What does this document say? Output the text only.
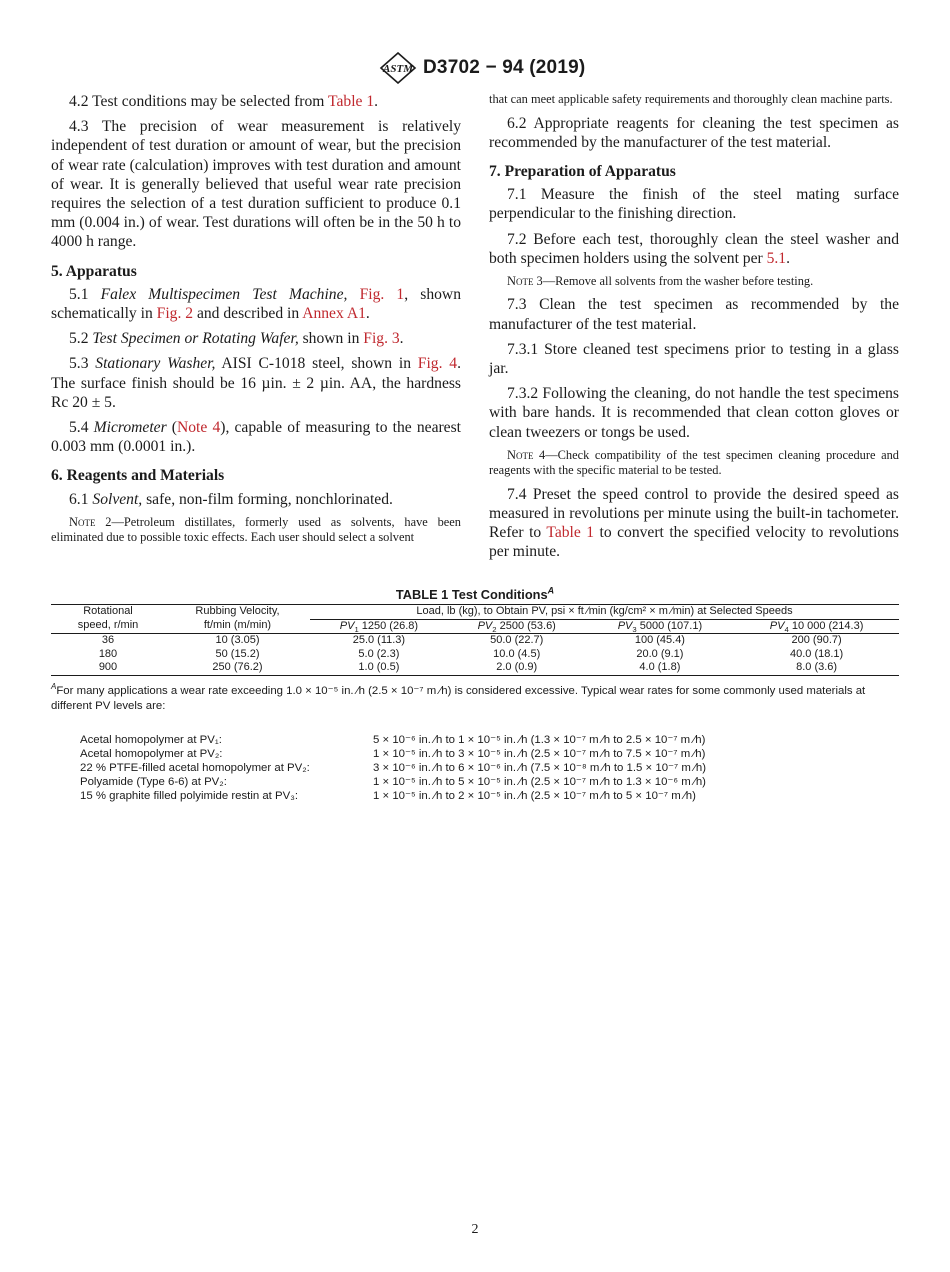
ASTM D3702 − 94 (2019)

4.2 Test conditions may be selected from Table 1.

4.3 The precision of wear measurement is relatively independent of test duration or amount of wear, but the precision of wear rate (calculation) improves with test duration and amount of wear. It is generally believed that useful wear rate precision requires the selection of a test duration sufficient to produce 0.1 mm (0.004 in.) of wear. Test durations will often be in the 50 h to 4000 h range.

5. Apparatus

5.1 Falex Multispecimen Test Machine, Fig. 1, shown schematically in Fig. 2 and described in Annex A1.

5.2 Test Specimen or Rotating Wafer, shown in Fig. 3.

5.3 Stationary Washer, AISI C-1018 steel, shown in Fig. 4. The surface finish should be 16 µin. ± 2 µin. AA, the hardness Rc 20 ± 5.

5.4 Micrometer (Note 4), capable of measuring to the nearest 0.003 mm (0.0001 in.).

6. Reagents and Materials

6.1 Solvent, safe, non-film forming, nonchlorinated.

Note 2—Petroleum distillates, formerly used as solvents, have been eliminated due to possible toxic effects. Each user should select a solvent

that can meet applicable safety requirements and thoroughly clean machine parts.

6.2 Appropriate reagents for cleaning the test specimen as recommended by the manufacturer of the test material.

7. Preparation of Apparatus

7.1 Measure the finish of the steel mating surface perpendicular to the finishing direction.

7.2 Before each test, thoroughly clean the steel washer and both specimen holders using the solvent per 5.1.

Note 3—Remove all solvents from the washer before testing.

7.3 Clean the test specimen as recommended by the manufacturer of the test material.

7.3.1 Store cleaned test specimens prior to testing in a glass jar.

7.3.2 Following the cleaning, do not handle the test specimens with bare hands. It is recommended that clean cotton gloves or clean tweezers or tongs be used.

Note 4—Check compatibility of the test specimen cleaning procedure and reagents with the specific material to be tested.

7.4 Preset the speed control to provide the desired speed as measured in revolutions per minute using the built-in tachometer. Refer to Table 1 to convert the specified velocity to revolutions per minute.

TABLE 1 Test Conditions$^A$
Rotational	Rubbing Velocity,	Load, lb (kg), to Obtain PV, psi × ft ⁄min (kg/cm² × m ⁄min) at Selected Speeds			
speed, r/min	ft/min (m/min)	$PV_1$ 1250 (26.8)	$PV_2$ 2500 (53.6)	$PV_3$ 5000 (107.1)	$PV_4$ 10 000 (214.3)
36	10 (3.05)	25.0 (11.3)	50.0 (22.7)	100 (45.4)	200 (90.7)
180	50 (15.2)	5.0 (2.3)	10.0 (4.5)	20.0 (9.1)	40.0 (18.1)
900	250 (76.2)	1.0 (0.5)	2.0 (0.9)	4.0 (1.8)	8.0 (3.6)
$^A$For many applications a wear rate exceeding 1.0 × 10⁻⁵ in. ⁄h (2.5 × 10⁻⁷ m ⁄h) is considered excessive. Typical wear rates for some commonly used materials at different PV levels are:
Acetal homopolymer at PV₁:	5 × 10⁻⁶ in. ⁄h to 1 × 10⁻⁵ in. ⁄h (1.3 × 10⁻⁷ m ⁄h to 2.5 × 10⁻⁷ m ⁄h)
Acetal homopolymer at PV₂:	1 × 10⁻⁵ in. ⁄h to 3 × 10⁻⁵ in. ⁄h (2.5 × 10⁻⁷ m ⁄h to 7.5 × 10⁻⁷ m ⁄h)
22 % PTFE-filled acetal homopolymer at PV₂:	3 × 10⁻⁶ in. ⁄h to 6 × 10⁻⁶ in. ⁄h (7.5 × 10⁻⁸ m ⁄h to 1.5 × 10⁻⁷ m ⁄h)
Polyamide (Type 6-6) at PV₂:	1 × 10⁻⁵ in. ⁄h to 5 × 10⁻⁵ in. ⁄h (2.5 × 10⁻⁷ m ⁄h to 1.3 × 10⁻⁶ m ⁄h)
15 % graphite filled polyimide restin at PV₃:	1 × 10⁻⁵ in. ⁄h to 2 × 10⁻⁵ in. ⁄h (2.5 × 10⁻⁷ m ⁄h to 5 × 10⁻⁷ m ⁄h)
2
